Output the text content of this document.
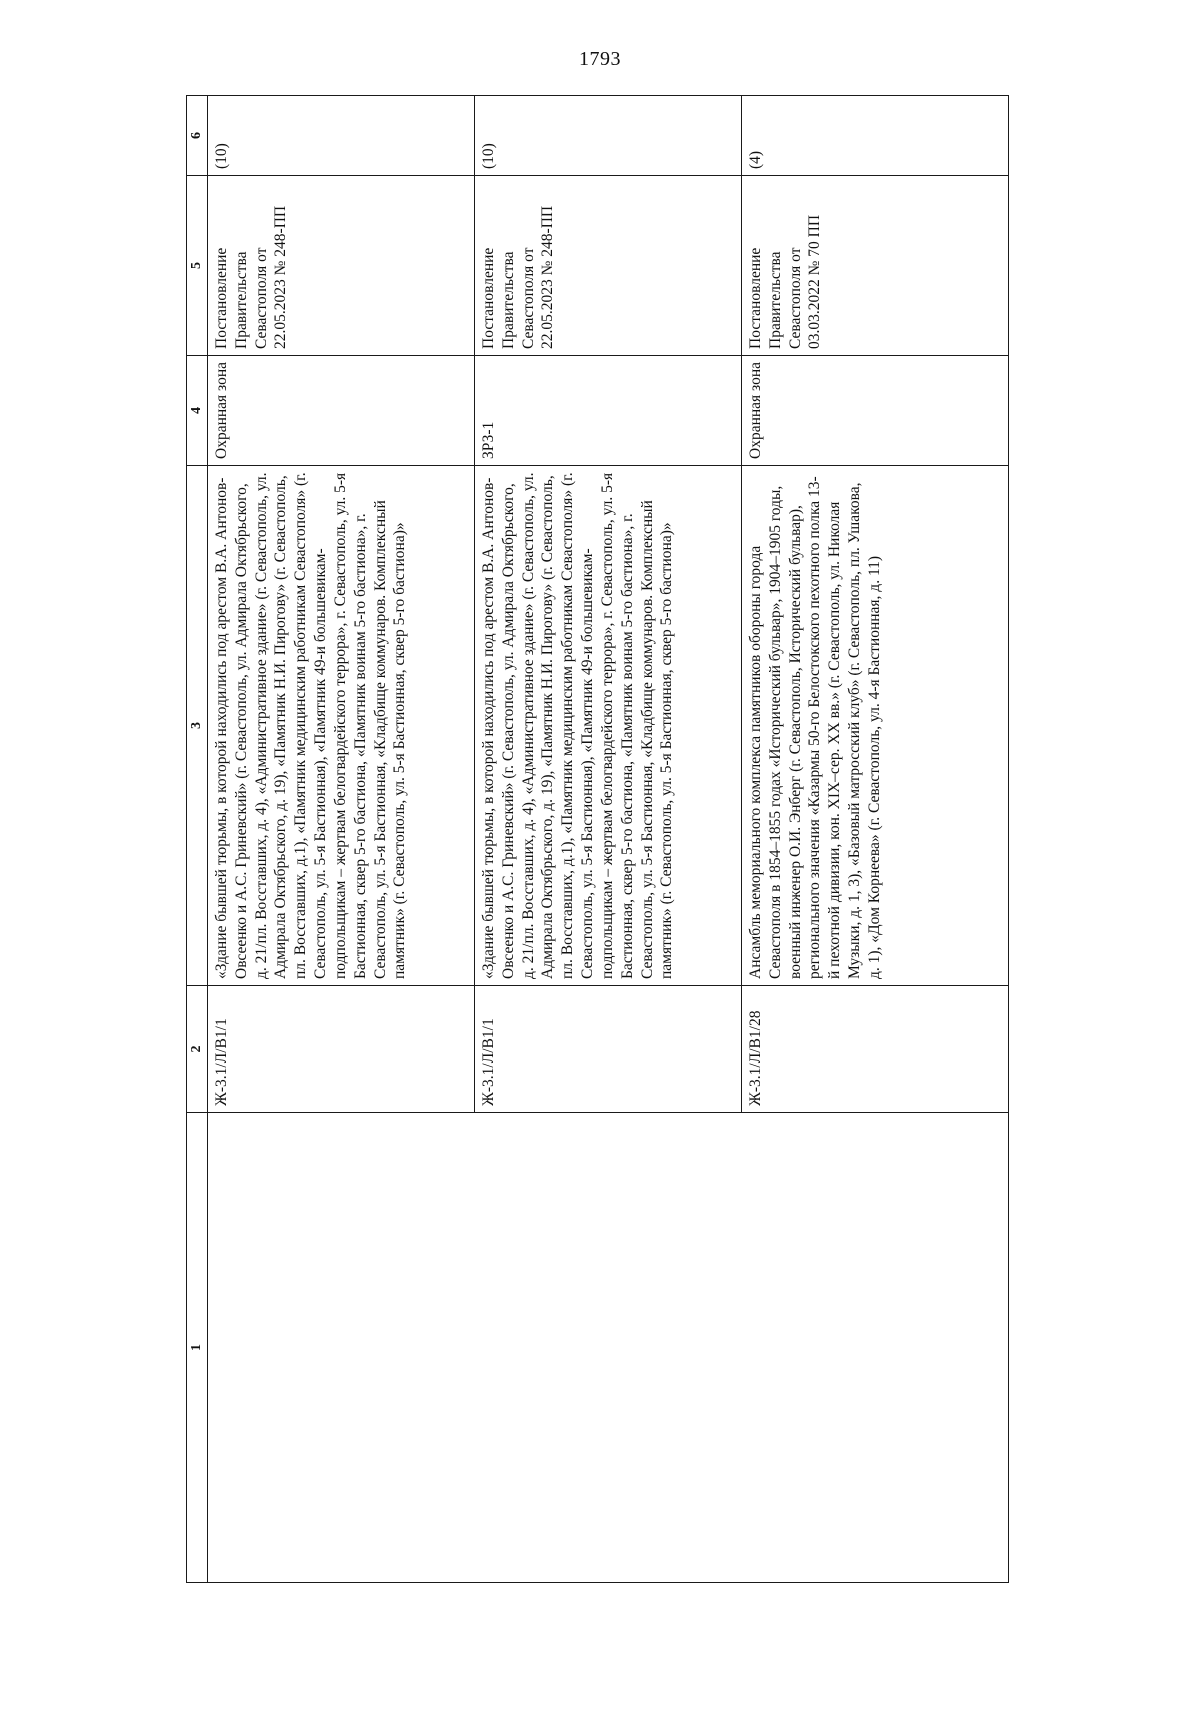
1793
1	2	3	4	5	6
	Ж-3.1/Л/В1/1	«Здание бывшей тюрьмы, в которой находились под арестом В.А. Антонов-Овсеенко и А.С. Гриневский» (г. Севастополь, ул. Адмирала Октябрьского, д. 21/пл. Восставших, д. 4), «Административное здание» (г. Севастополь, ул. Адмирала Октябрьского, д. 19), «Памятник Н.И. Пирогову» (г. Севастополь, пл. Восставших, д.1), «Памятник медицинским работникам Севастополя» (г. Севастополь, ул. 5-я Бастионная), «Памятник 49-и большевикам-подпольщикам – жертвам белогвардейского террора», г. Севастополь, ул. 5-я Бастионная, сквер 5-го бастиона, «Памятник воинам 5-го бастиона», г. Севастополь, ул. 5-я Бастионная, «Кладбище коммунаров. Комплексный памятник» (г. Севастополь, ул. 5-я Бастионная, сквер 5-го бастиона)»	Охранная зона	Постановление Правительства Севастополя от 22.05.2023 № 248-ПП	(10)
	Ж-3.1/Л/В1/1	«Здание бывшей тюрьмы, в которой находились под арестом В.А. Антонов-Овсеенко и А.С. Гриневский» (г. Севастополь, ул. Адмирала Октябрьского, д. 21/пл. Восставших, д. 4), «Административное здание» (г. Севастополь, ул. Адмирала Октябрьского, д. 19), «Памятник Н.И. Пирогову» (г. Севастополь, пл. Восставших, д.1), «Памятник медицинским работникам Севастополя» (г. Севастополь, ул. 5-я Бастионная), «Памятник 49-и большевикам-подпольщикам – жертвам белогвардейского террора», г. Севастополь, ул. 5-я Бастионная, сквер 5-го бастиона, «Памятник воинам 5-го бастиона», г. Севастополь, ул. 5-я Бастионная, «Кладбище коммунаров. Комплексный памятник» (г. Севастополь, ул. 5-я Бастионная, сквер 5-го бастиона)»	ЗРЗ-1	Постановление Правительства Севастополя от 22.05.2023 № 248-ПП	(10)
	Ж-3.1/Л/В1/28	Ансамбль мемориального комплекса памятников обороны города Севастополя в 1854–1855 годах «Исторический бульвар», 1904–1905 годы, военный инженер О.И. Энберг (г. Севастополь, Исторический бульвар), регионального значения «Казармы 50-го Белостокского пехотного полка 13-й пехотной дивизии, кон. XIX–сер. XX вв.» (г. Севастополь, ул. Николая Музыки, д. 1, 3), «Базовый матросский клуб» (г. Севастополь, пл. Ушакова, д. 1), «Дом Корнеева» (г. Севастополь, ул. 4-я Бастионная, д. 11)	Охранная зона	Постановление Правительства Севастополя от 03.03.2022 № 70 ПП	(4)
